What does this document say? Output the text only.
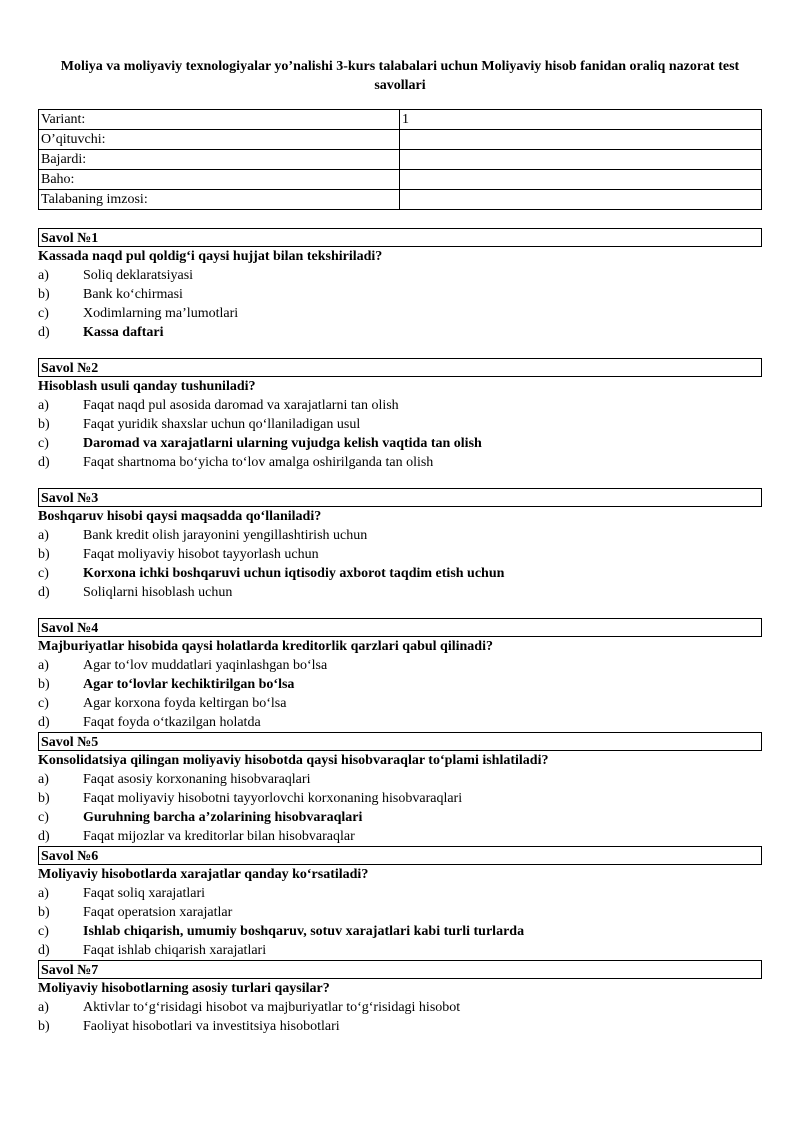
Moliya va moliyaviy texnologiyalar yo’nalishi 3-kurs talabalari uchun Moliyaviy hisob fanidan oraliq nazorat test savollari
Variant:	1
O’qituvchi:	
Bajardi:	
Baho:	
Talabaning imzosi:	
Savol №1
Kassada naqd pul qoldig‘i qaysi hujjat bilan tekshiriladi?
a)	Soliq deklaratsiyasi
b)	Bank ko‘chirmasi
c)	Xodimlarning ma’lumotlari
d)	Kassa daftari
Savol №2
Hisoblash usuli qanday tushuniladi?
a)	Faqat naqd pul asosida daromad va xarajatlarni tan olish
b)	Faqat yuridik shaxslar uchun qo‘llaniladigan usul
c)	Daromad va xarajatlarni ularning vujudga kelish vaqtida tan olish
d)	Faqat shartnoma bo‘yicha to‘lov amalga oshirilganda tan olish
Savol №3
Boshqaruv hisobi qaysi maqsadda qo‘llaniladi?
a)	Bank kredit olish jarayonini yengillashtirish uchun
b)	Faqat moliyaviy hisobot tayyorlash uchun
c)	Korxona ichki boshqaruvi uchun iqtisodiy axborot taqdim etish uchun
d)	Soliqlarni hisoblash uchun
Savol №4
Majburiyatlar hisobida qaysi holatlarda kreditorlik qarzlari qabul qilinadi?
a)	Agar to‘lov muddatlari yaqinlashgan bo‘lsa
b)	Agar to‘lovlar kechiktirilgan bo‘lsa
c)	Agar korxona foyda keltirgan bo‘lsa
d)	Faqat foyda o‘tkazilgan holatda
Savol №5
Konsolidatsiya qilingan moliyaviy hisobotda qaysi hisobvaraqlar to‘plami ishlatiladi?
a)	Faqat asosiy korxonaning hisobvaraqlari
b)	Faqat moliyaviy hisobotni tayyorlovchi korxonaning hisobvaraqlari
c)	Guruhning barcha a’zolarining hisobvaraqlari
d)	Faqat mijozlar va kreditorlar bilan hisobvaraqlar
Savol №6
Moliyaviy hisobotlarda xarajatlar qanday ko‘rsatiladi?
a)	Faqat soliq xarajatlari
b)	Faqat operatsion xarajatlar
c)	Ishlab chiqarish, umumiy boshqaruv, sotuv xarajatlari kabi turli turlarda
d)	Faqat ishlab chiqarish xarajatlari
Savol №7
Moliyaviy hisobotlarning asosiy turlari qaysilar?
a)	Aktivlar to‘g‘risidagi hisobot va majburiyatlar to‘g‘risidagi hisobot
b)	Faoliyat hisobotlari va investitsiya hisobotlari
